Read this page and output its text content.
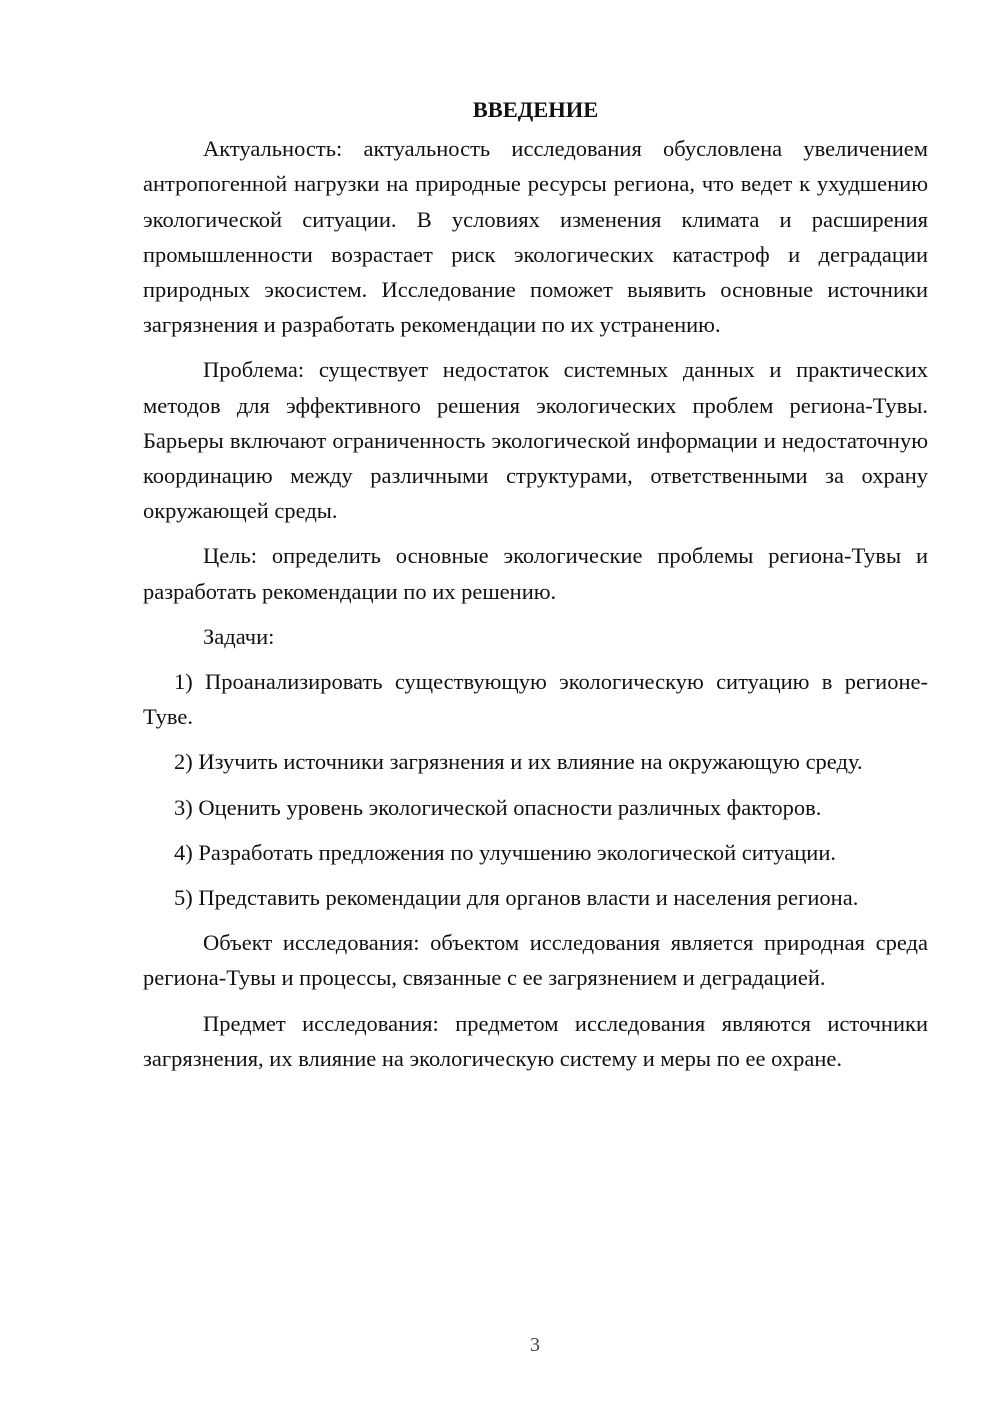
ВВЕДЕНИЕ

Актуальность: актуальность исследования обусловлена увеличением антропогенной нагрузки на природные ресурсы региона, что ведет к ухудшению экологической ситуации. В условиях изменения климата и расширения промышленности возрастает риск экологических катастроф и деградации природных экосистем. Исследование поможет выявить основные источники загрязнения и разработать рекомендации по их устранению.

Проблема: существует недостаток системных данных и практических методов для эффективного решения экологических проблем региона-Тувы. Барьеры включают ограниченность экологической информации и недостаточную координацию между различными структурами, ответственными за охрану окружающей среды.

Цель: определить основные экологические проблемы региона-Тувы и разработать рекомендации по их решению.

Задачи:

1) Проанализировать существующую экологическую ситуацию в регионе-Туве.

2) Изучить источники загрязнения и их влияние на окружающую среду.

3) Оценить уровень экологической опасности различных факторов.

4) Разработать предложения по улучшению экологической ситуации.

5) Представить рекомендации для органов власти и населения региона.

Объект исследования: объектом исследования является природная среда региона-Тувы и процессы, связанные с ее загрязнением и деградацией.

Предмет исследования: предметом исследования являются источники загрязнения, их влияние на экологическую систему и меры по ее охране.

3
